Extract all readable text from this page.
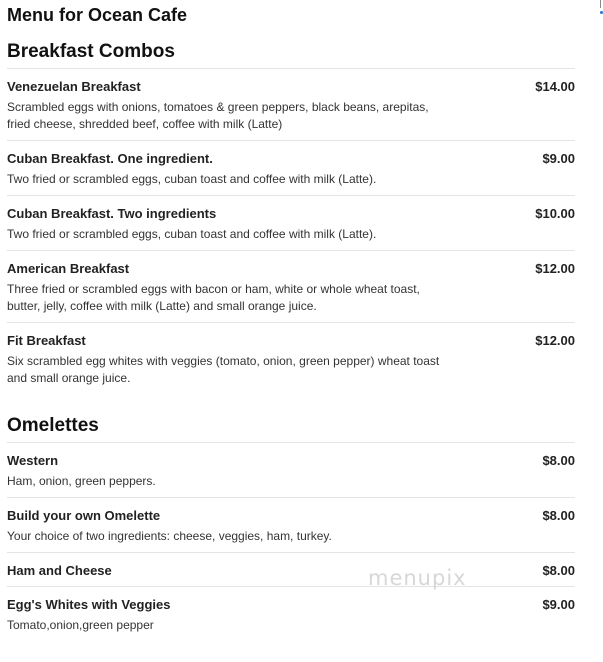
Menu for Ocean Cafe
Breakfast Combos
Venezuelan Breakfast	$14.00
Scrambled eggs with onions, tomatoes & green peppers, black beans, arepitas, fried cheese, shredded beef, coffee with milk (Latte)
Cuban Breakfast. One ingredient.	$9.00
Two fried or scrambled eggs, cuban toast and coffee with milk (Latte).
Cuban Breakfast. Two ingredients	$10.00
Two fried or scrambled eggs, cuban toast and coffee with milk (Latte).
American Breakfast	$12.00
Three fried or scrambled eggs with bacon or ham, white or whole wheat toast, butter, jelly, coffee with milk (Latte) and small orange juice.
Fit Breakfast	$12.00
Six scrambled egg whites with veggies (tomato, onion, green pepper) wheat toast and small orange juice.
Omelettes
Western	$8.00
Ham, onion, green peppers.
Build your own Omelette	$8.00
Your choice of two ingredients: cheese, veggies, ham, turkey.
Ham and Cheese	$8.00
Egg's Whites with Veggies	$9.00
Tomato,onion,green pepper
menupix
